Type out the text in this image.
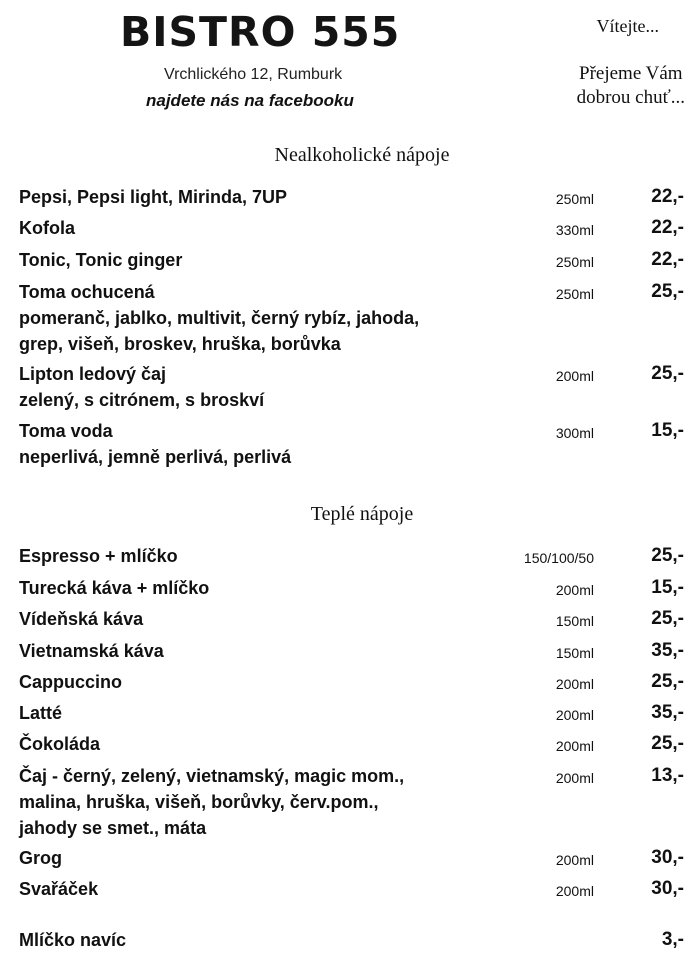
BISTRO 555
Vrchlického 12, Rumburk
najdete nás na facebooku
Vítejte...
Přejeme Vám
dobrou chuť...
Nealkoholické nápoje
Pepsi, Pepsi light, Mirinda, 7UP	250ml	22,-
Kofola	330ml	22,-
Tonic, Tonic ginger	250ml	22,-
Toma ochucená
pomeranč, jablko, multivit, černý rybíz, jahoda,
grep, višeň, broskev, hruška, borůvka
250ml	25,-
Lipton ledový čaj
zelený, s citrónem, s broskví
200ml	25,-
Toma voda
neperlivá, jemně perlivá, perlivá
300ml	15,-
Teplé nápoje
Espresso + mlíčko	150/100/50	25,-
Turecká káva + mlíčko	200ml	15,-
Vídeňská káva	150ml	25,-
Vietnamská káva	150ml	35,-
Cappuccino	200ml	25,-
Latté	200ml	35,-
Čokoláda	200ml	25,-
Čaj - černý, zelený, vietnamský, magic mom.,
malina, hruška, višeň, borůvky, červ.pom.,
jahody se smet., máta
200ml	13,-
Grog	200ml	30,-
Svařáček	200ml	30,-
Mlíčko navíc	3,-
